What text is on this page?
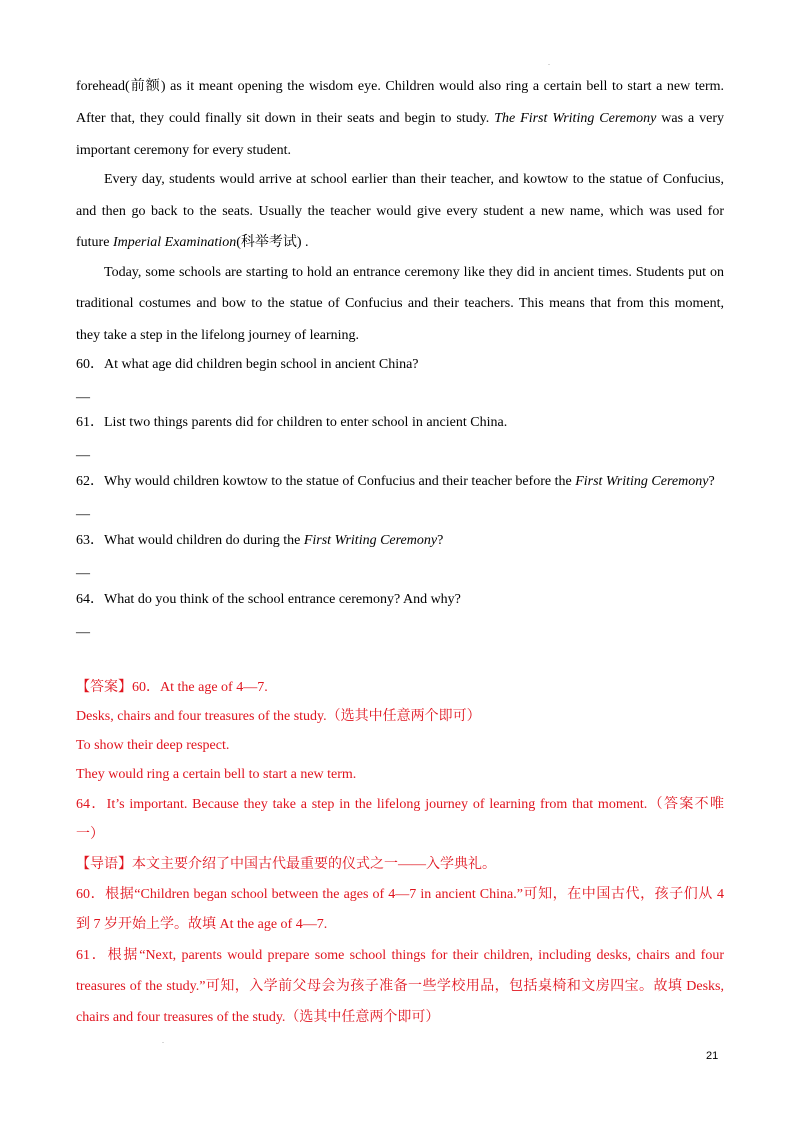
.
forehead(前额) as it meant opening the wisdom eye. Children would also ring a certain bell to start a new term.
After that, they could finally sit down in their seats and begin to study. The First Writing Ceremony was a very
important ceremony for every student.
Every day, students would arrive at school earlier than their teacher, and kowtow to the statue of Confucius,
and then go back to the seats. Usually the teacher would give every student a new name, which was used for
future Imperial Examination(科举考试) .
Today, some schools are starting to hold an entrance ceremony like they did in ancient times. Students put on
traditional costumes and bow to the statue of Confucius and their teachers. This means that from this moment,
they take a step in the lifelong journey of learning.
60．At what age did children begin school in ancient China?
—
61．List two things parents did for children to enter school in ancient China.
—
62．Why would children kowtow to the statue of Confucius and their teacher before the First Writing Ceremony?
—
63．What would children do during the First Writing Ceremony?
—
64．What do you think of the school entrance ceremony? And why?
—
【答案】60．At the age of 4—7.
Desks, chairs and four treasures of the study.（选其中任意两个即可）
To show their deep respect.
They would ring a certain bell to start a new term.
64．It’s important. Because they take a step in the lifelong journey of learning from that moment.（答案不唯
一）
【导语】本文主要介绍了中国古代最重要的仪式之一——入学典礼。
60．根据“Children began school between the ages of 4—7 in ancient China.”可知，在中国古代，孩子们从 4
到 7 岁开始上学。故填 At the age of 4—7.
61．根据“Next, parents would prepare some school things for their children, including desks, chairs and four
treasures of the study.”可知，入学前父母会为孩子准备一些学校用品，包括桌椅和文房四宝。故填 Desks,
chairs and four treasures of the study.（选其中任意两个即可）
.
21
